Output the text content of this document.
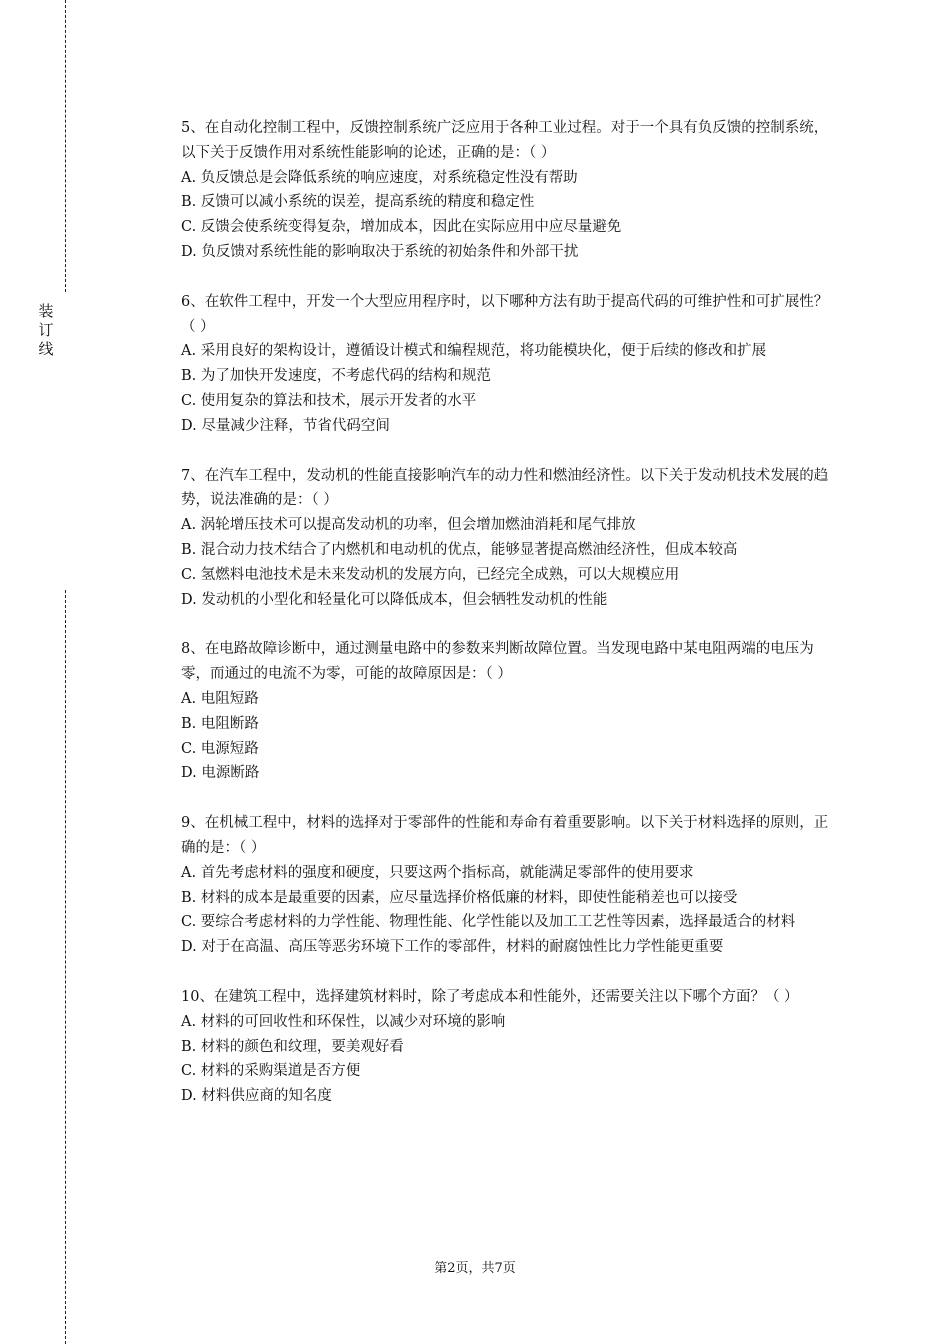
装
订
线

5、在自动化控制工程中，反馈控制系统广泛应用于各种工业过程。对于一个具有负反馈的控制系统，以下关于反馈作用对系统性能影响的论述，正确的是：（ ）

A. 负反馈总是会降低系统的响应速度，对系统稳定性没有帮助

B. 反馈可以减小系统的误差，提高系统的精度和稳定性

C. 反馈会使系统变得复杂，增加成本，因此在实际应用中应尽量避免

D. 负反馈对系统性能的影响取决于系统的初始条件和外部干扰

6、在软件工程中，开发一个大型应用程序时，以下哪种方法有助于提高代码的可维护性和可扩展性？（ ）

A. 采用良好的架构设计，遵循设计模式和编程规范，将功能模块化，便于后续的修改和扩展

B. 为了加快开发速度，不考虑代码的结构和规范

C. 使用复杂的算法和技术，展示开发者的水平

D. 尽量减少注释，节省代码空间

7、在汽车工程中，发动机的性能直接影响汽车的动力性和燃油经济性。以下关于发动机技术发展的趋势，说法准确的是：（ ）

A. 涡轮增压技术可以提高发动机的功率，但会增加燃油消耗和尾气排放

B. 混合动力技术结合了内燃机和电动机的优点，能够显著提高燃油经济性，但成本较高

C. 氢燃料电池技术是未来发动机的发展方向，已经完全成熟，可以大规模应用

D. 发动机的小型化和轻量化可以降低成本，但会牺牲发动机的性能

8、在电路故障诊断中，通过测量电路中的参数来判断故障位置。当发现电路中某电阻两端的电压为零，而通过的电流不为零，可能的故障原因是：（ ）

A. 电阻短路

B. 电阻断路

C. 电源短路

D. 电源断路

9、在机械工程中，材料的选择对于零部件的性能和寿命有着重要影响。以下关于材料选择的原则，正确的是：（ ）

A. 首先考虑材料的强度和硬度，只要这两个指标高，就能满足零部件的使用要求

B. 材料的成本是最重要的因素，应尽量选择价格低廉的材料，即使性能稍差也可以接受

C. 要综合考虑材料的力学性能、物理性能、化学性能以及加工工艺性等因素，选择最适合的材料

D. 对于在高温、高压等恶劣环境下工作的零部件，材料的耐腐蚀性比力学性能更重要

10、在建筑工程中，选择建筑材料时，除了考虑成本和性能外，还需要关注以下哪个方面？（ ）

A. 材料的可回收性和环保性，以减少对环境的影响

B. 材料的颜色和纹理，要美观好看

C. 材料的采购渠道是否方便

D. 材料供应商的知名度

第2页，共7页
